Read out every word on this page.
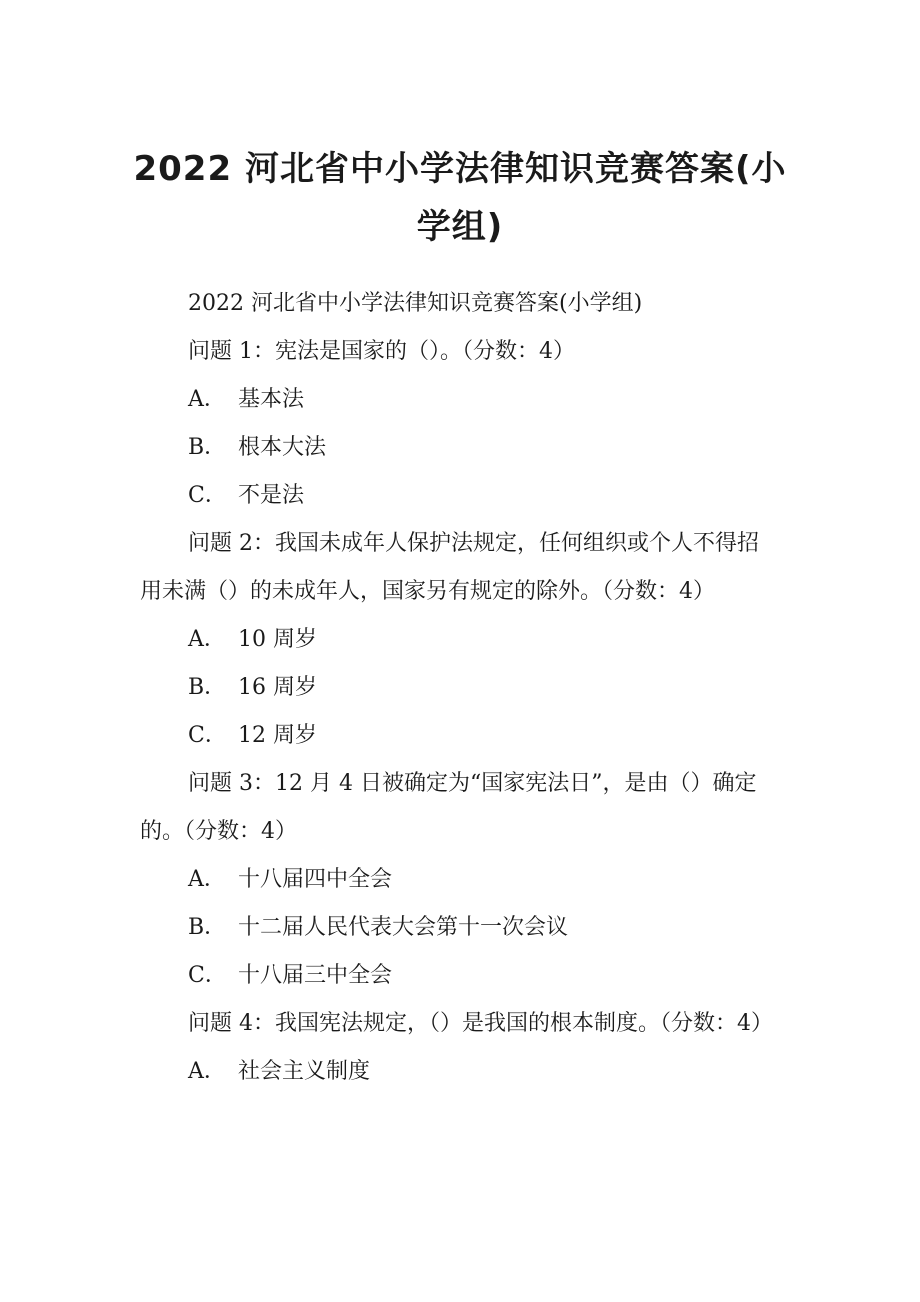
2022 河北省中小学法律知识竞赛答案(小学组)

2022 河北省中小学法律知识竞赛答案(小学组)

问题 1：宪法是国家的（）。（分数：4）

A． 基本法

B． 根本大法

C． 不是法

问题 2：我国未成年人保护法规定，任何组织或个人不得招用未满（）的未成年人，国家另有规定的除外。（分数：4）

A． 10 周岁

B． 16 周岁

C． 12 周岁

问题 3：12 月 4 日被确定为“国家宪法日”，是由（）确定的。（分数：4）

A． 十八届四中全会

B． 十二届人民代表大会第十一次会议

C． 十八届三中全会

问题 4：我国宪法规定，（）是我国的根本制度。（分数：4）

A． 社会主义制度
